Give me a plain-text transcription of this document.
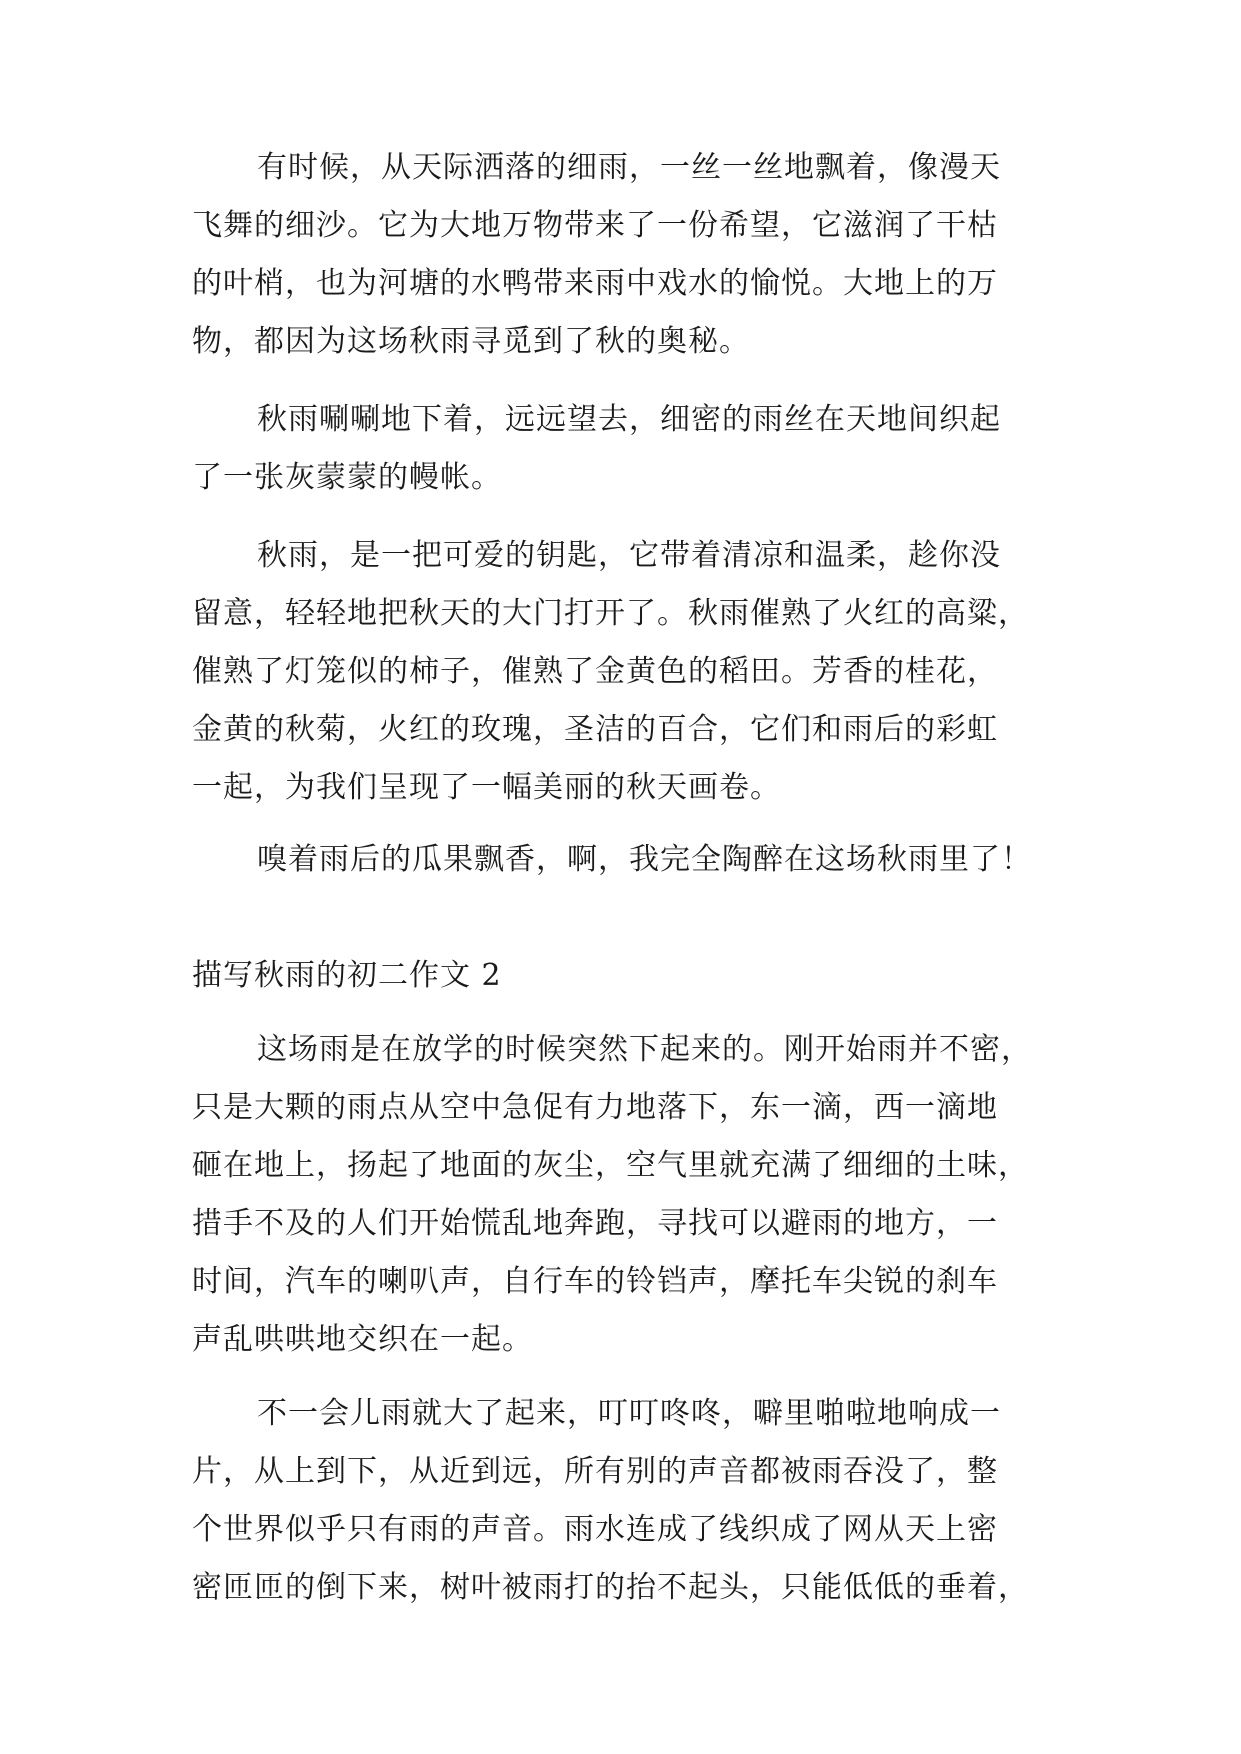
有时候，从天际洒落的细雨，一丝一丝地飘着，像漫天
飞舞的细沙。它为大地万物带来了一份希望，它滋润了干枯
的叶梢，也为河塘的水鸭带来雨中戏水的愉悦。大地上的万
物，都因为这场秋雨寻觅到了秋的奥秘。
秋雨唰唰地下着，远远望去，细密的雨丝在天地间织起
了一张灰蒙蒙的幔帐。
秋雨，是一把可爱的钥匙，它带着清凉和温柔，趁你没
留意，轻轻地把秋天的大门打开了。秋雨催熟了火红的高粱，
催熟了灯笼似的柿子，催熟了金黄色的稻田。芳香的桂花，
金黄的秋菊，火红的玫瑰，圣洁的百合，它们和雨后的彩虹
一起，为我们呈现了一幅美丽的秋天画卷。
嗅着雨后的瓜果飘香，啊，我完全陶醉在这场秋雨里了！
描写秋雨的初二作文 2
这场雨是在放学的时候突然下起来的。刚开始雨并不密，
只是大颗的雨点从空中急促有力地落下，东一滴，西一滴地
砸在地上，扬起了地面的灰尘，空气里就充满了细细的土味，
措手不及的人们开始慌乱地奔跑，寻找可以避雨的地方，一
时间，汽车的喇叭声，自行车的铃铛声，摩托车尖锐的刹车
声乱哄哄地交织在一起。
不一会儿雨就大了起来，叮叮咚咚，噼里啪啦地响成一
片，从上到下，从近到远，所有别的声音都被雨吞没了，整
个世界似乎只有雨的声音。雨水连成了线织成了网从天上密
密匝匝的倒下来，树叶被雨打的抬不起头，只能低低的垂着，
